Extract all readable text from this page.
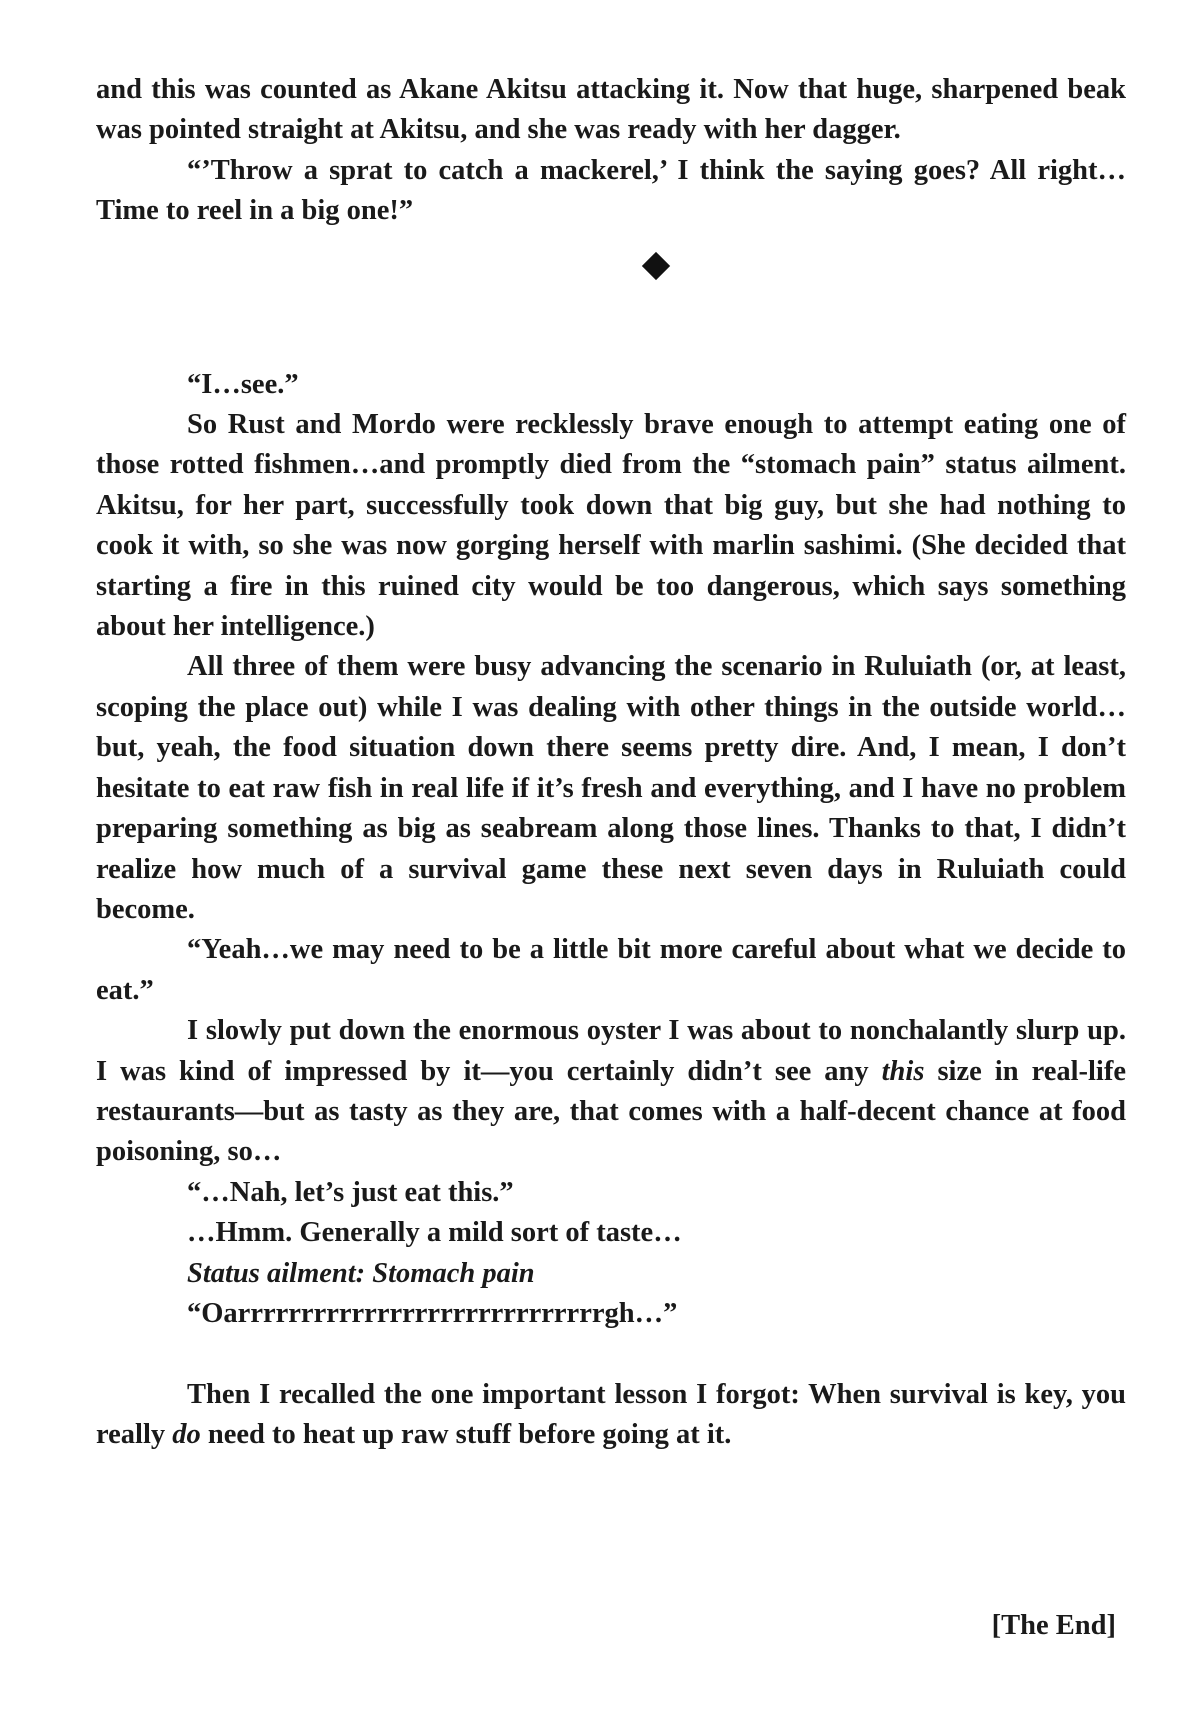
and this was counted as Akane Akitsu attacking it. Now that huge, sharpened beak was pointed straight at Akitsu, and she was ready with her dagger.

“’Throw a sprat to catch a mackerel,’ I think the saying goes? All right… Time to reel in a big one!”

“I…see.”

So Rust and Mordo were recklessly brave enough to attempt eating one of those rotted fishmen…and promptly died from the “stomach pain” status ailment. Akitsu, for her part, successfully took down that big guy, but she had nothing to cook it with, so she was now gorging herself with marlin sashimi. (She decided that starting a fire in this ruined city would be too dangerous, which says something about her intelligence.)

All three of them were busy advancing the scenario in Ruluiath (or, at least, scoping the place out) while I was dealing with other things in the outside world…but, yeah, the food situation down there seems pretty dire. And, I mean, I don’t hesitate to eat raw fish in real life if it’s fresh and everything, and I have no problem preparing something as big as seabream along those lines. Thanks to that, I didn’t realize how much of a survival game these next seven days in Ruluiath could become.

“Yeah…we may need to be a little bit more careful about what we decide to eat.”

I slowly put down the enormous oyster I was about to nonchalantly slurp up. I was kind of impressed by it—you certainly didn’t see any this size in real-life restaurants—but as tasty as they are, that comes with a half-decent chance at food poisoning, so…

“…Nah, let’s just eat this.”

…Hmm. Generally a mild sort of taste…

Status ailment: Stomach pain

“Oarrrrrrrrrrrrrrrrrrrrrrrrrrrrrgh…”

Then I recalled the one important lesson I forgot: When survival is key, you really do need to heat up raw stuff before going at it.

[The End]
